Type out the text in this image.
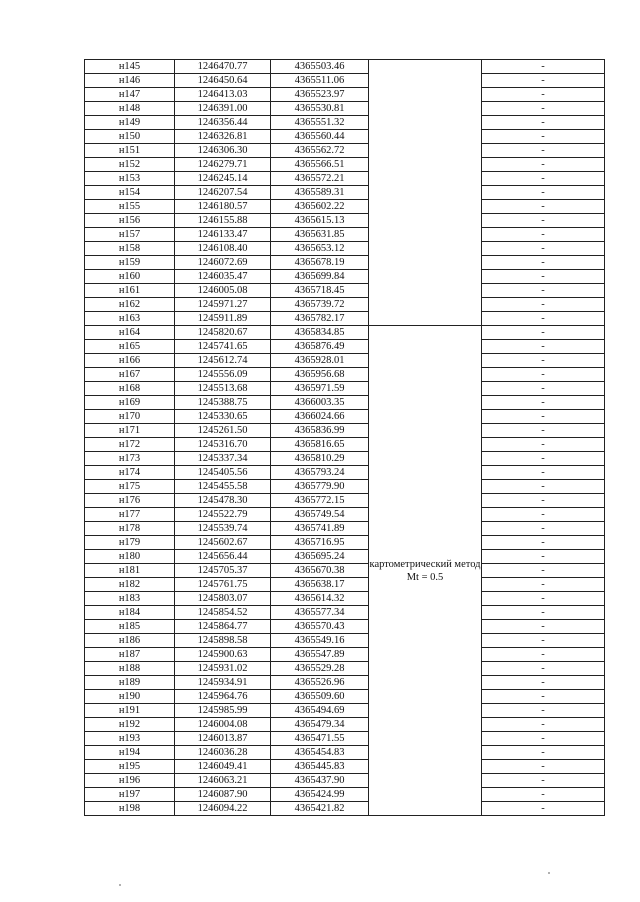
н145	1246470.77	4365503.46		-
н146	1246450.64	4365511.06		-
н147	1246413.03	4365523.97		-
н148	1246391.00	4365530.81		-
н149	1246356.44	4365551.32		-
н150	1246326.81	4365560.44		-
н151	1246306.30	4365562.72		-
н152	1246279.71	4365566.51		-
н153	1246245.14	4365572.21		-
н154	1246207.54	4365589.31		-
н155	1246180.57	4365602.22		-
н156	1246155.88	4365615.13		-
н157	1246133.47	4365631.85		-
н158	1246108.40	4365653.12		-
н159	1246072.69	4365678.19		-
н160	1246035.47	4365699.84		-
н161	1246005.08	4365718.45		-
н162	1245971.27	4365739.72		-
н163	1245911.89	4365782.17		-
н164	1245820.67	4365834.85	картометрический метод Mt = 0.5	-
н165	1245741.65	4365876.49		-
н166	1245612.74	4365928.01		-
н167	1245556.09	4365956.68		-
н168	1245513.68	4365971.59		-
н169	1245388.75	4366003.35		-
н170	1245330.65	4366024.66		-
н171	1245261.50	4365836.99		-
н172	1245316.70	4365816.65		-
н173	1245337.34	4365810.29		-
н174	1245405.56	4365793.24		-
н175	1245455.58	4365779.90		-
н176	1245478.30	4365772.15		-
н177	1245522.79	4365749.54		-
н178	1245539.74	4365741.89		-
н179	1245602.67	4365716.95		-
н180	1245656.44	4365695.24		-
н181	1245705.37	4365670.38		-
н182	1245761.75	4365638.17		-
н183	1245803.07	4365614.32		-
н184	1245854.52	4365577.34		-
н185	1245864.77	4365570.43		-
н186	1245898.58	4365549.16		-
н187	1245900.63	4365547.89		-
н188	1245931.02	4365529.28		-
н189	1245934.91	4365526.96		-
н190	1245964.76	4365509.60		-
н191	1245985.99	4365494.69		-
н192	1246004.08	4365479.34		-
н193	1246013.87	4365471.55		-
н194	1246036.28	4365454.83		-
н195	1246049.41	4365445.83		-
н196	1246063.21	4365437.90		-
н197	1246087.90	4365424.99		-
н198	1246094.22	4365421.82		-
